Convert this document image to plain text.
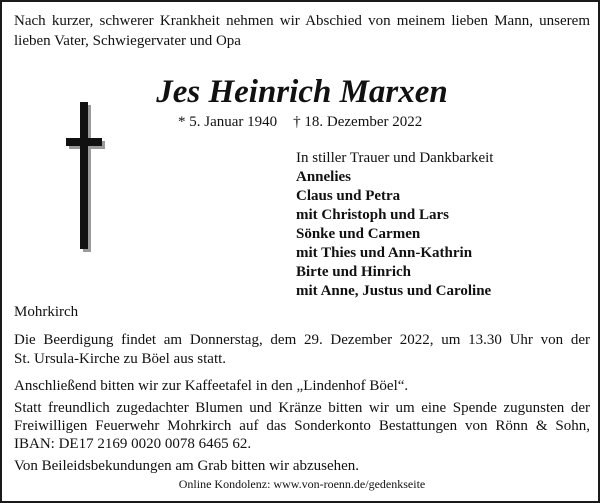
Nach kurzer, schwerer Krankheit nehmen wir Abschied von meinem lieben Mann, unserem
lieben Vater, Schwiegervater und Opa
Jes Heinrich Marxen
* 5. Januar 1940 † 18. Dezember 2022
In stiller Trauer und Dankbarkeit
Annelies
Claus und Petra
mit Christoph und Lars
Sönke und Carmen
mit Thies und Ann-Kathrin
Birte und Hinrich
mit Anne, Justus und Caroline
Mohrkirch
Die Beerdigung findet am Donnerstag, dem 29. Dezember 2022, um 13.30 Uhr von der
St. Ursula-Kirche zu Böel aus statt.
Anschließend bitten wir zur Kaffeetafel in den „Lindenhof Böel“.
Statt freundlich zugedachter Blumen und Kränze bitten wir um eine Spende zugunsten der
Freiwilligen Feuerwehr Mohrkirch auf das Sonderkonto Bestattungen von Rönn & Sohn,
IBAN: DE17 2169 0020 0078 6465 62.
Von Beileidsbekundungen am Grab bitten wir abzusehen.
Online Kondolenz: www.von-roenn.de/gedenkseite
